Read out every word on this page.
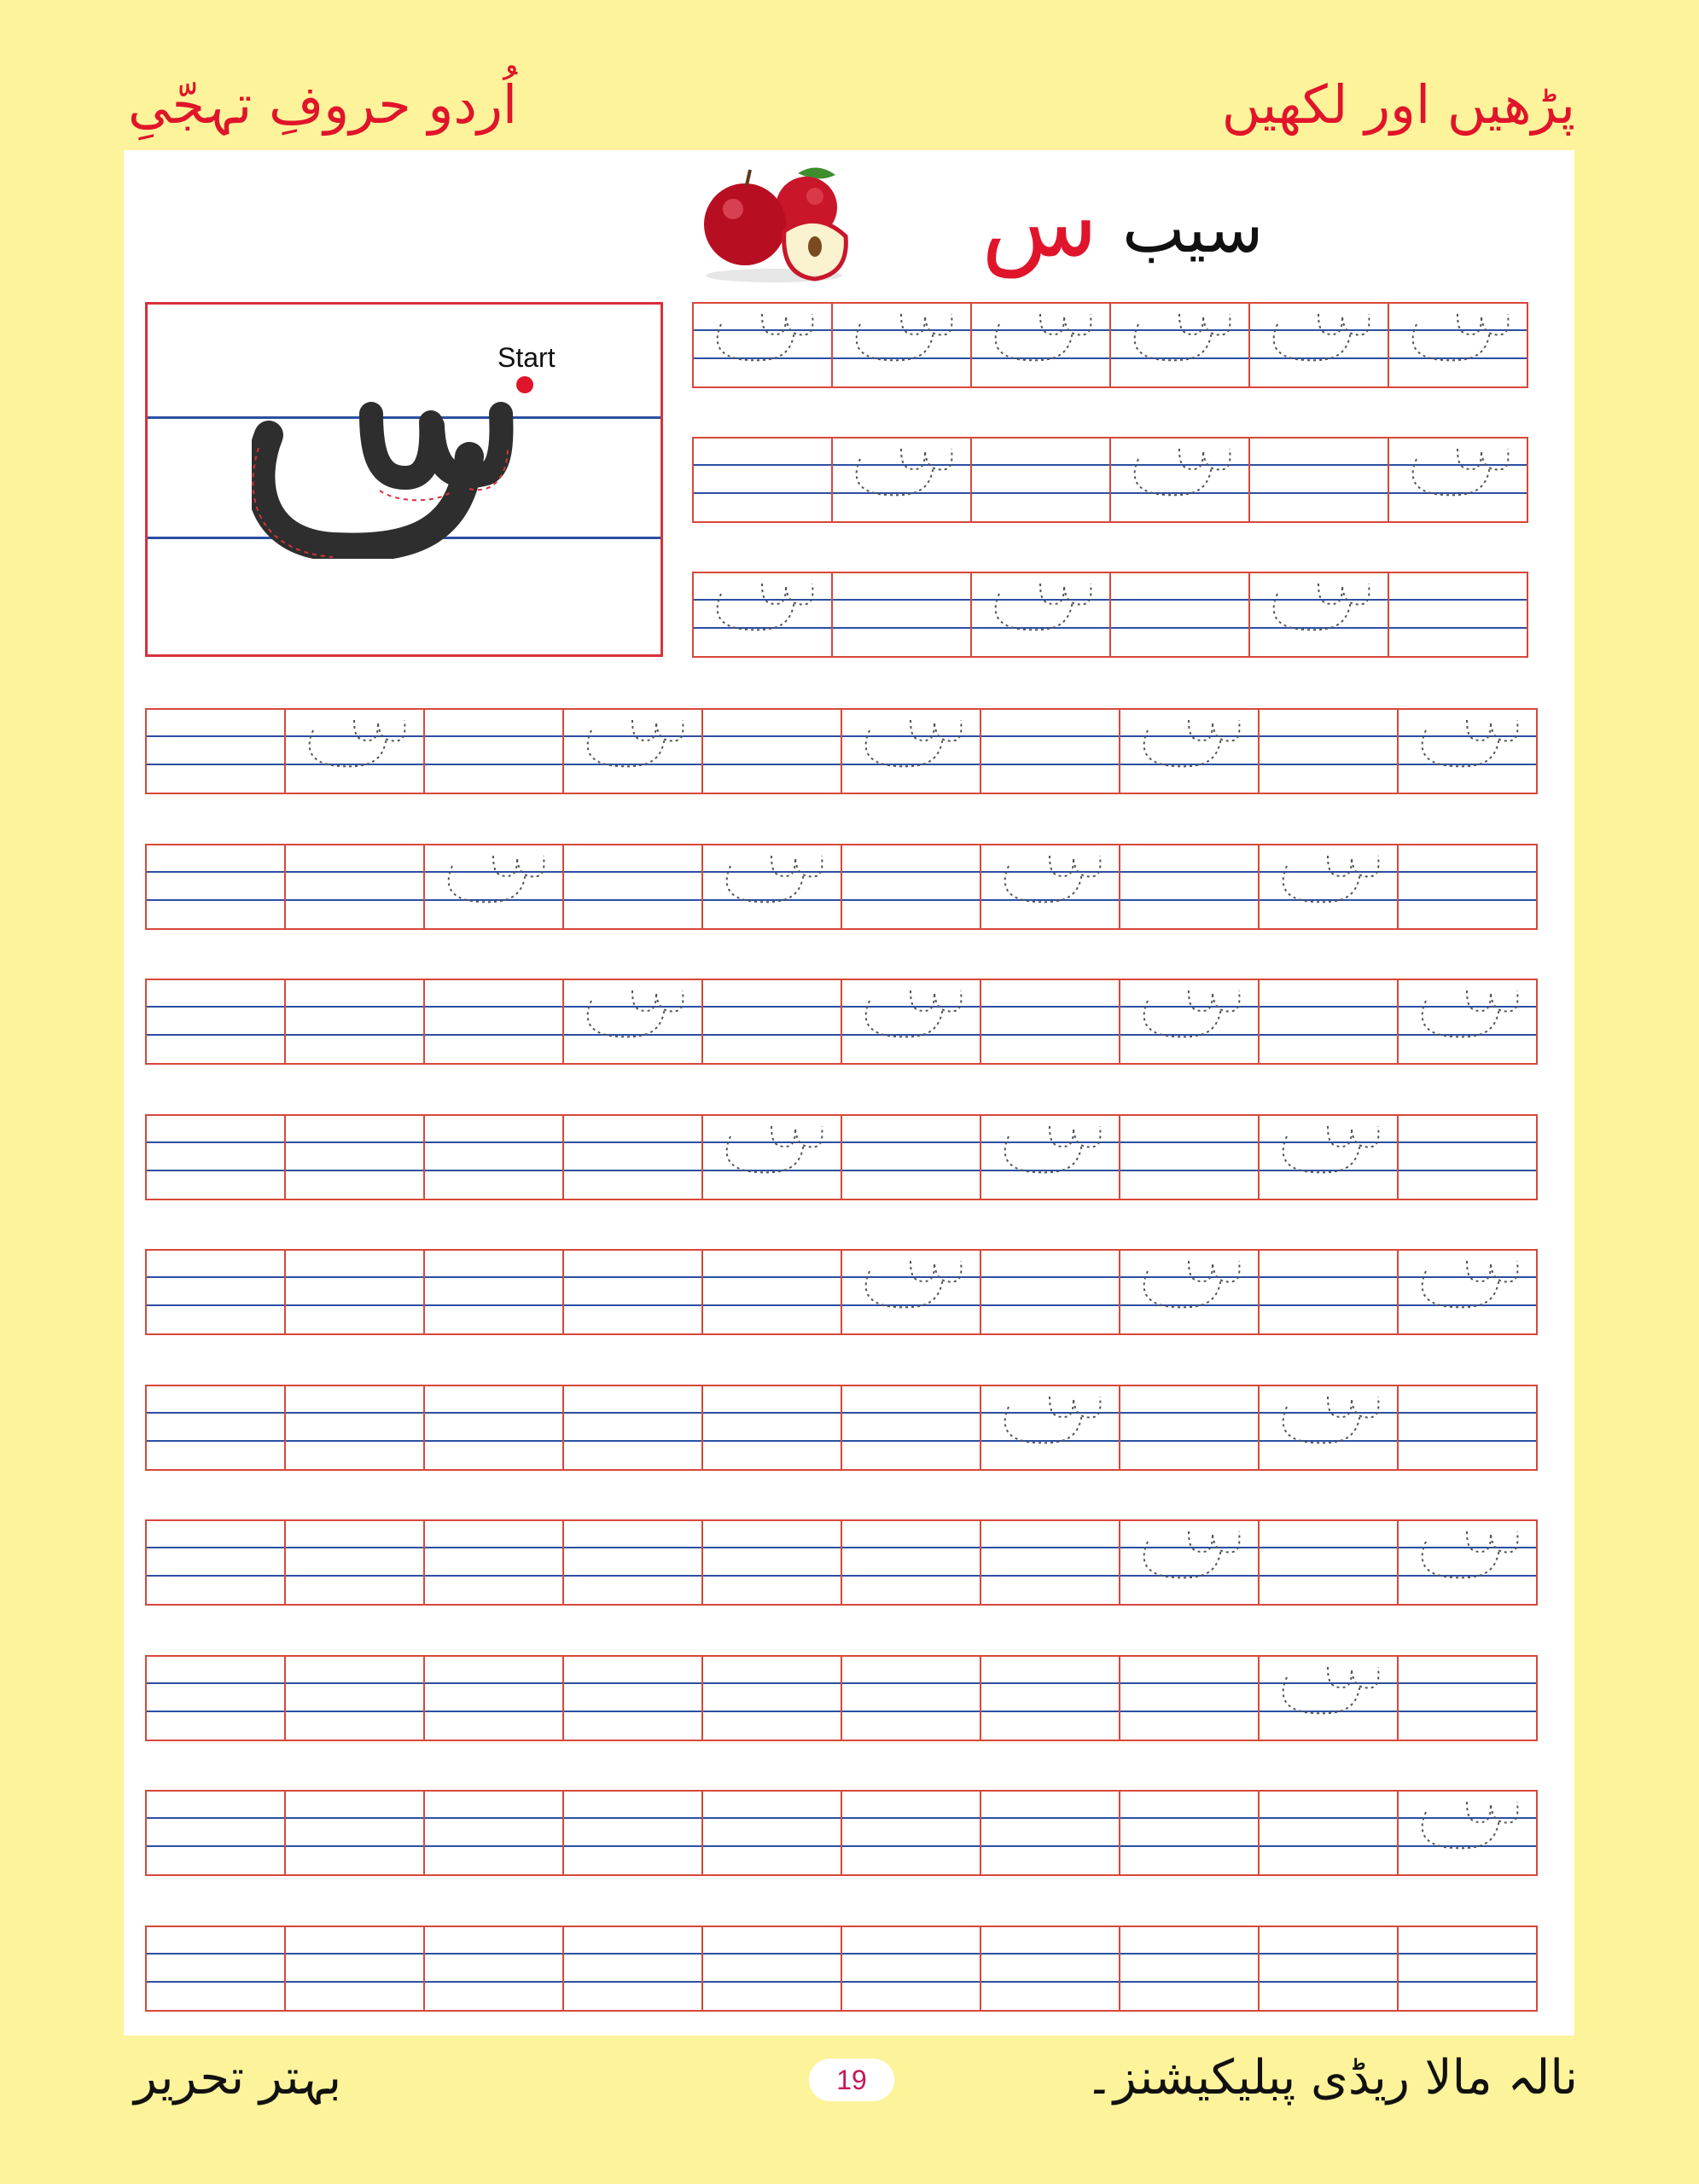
اُردو حروفِ تہجّیِ	پڑھیں اور لکھیں
سیب
س
Start
بہتر تحریر	19	نالہ مالا ریڈی پبلیکیشنز۔
